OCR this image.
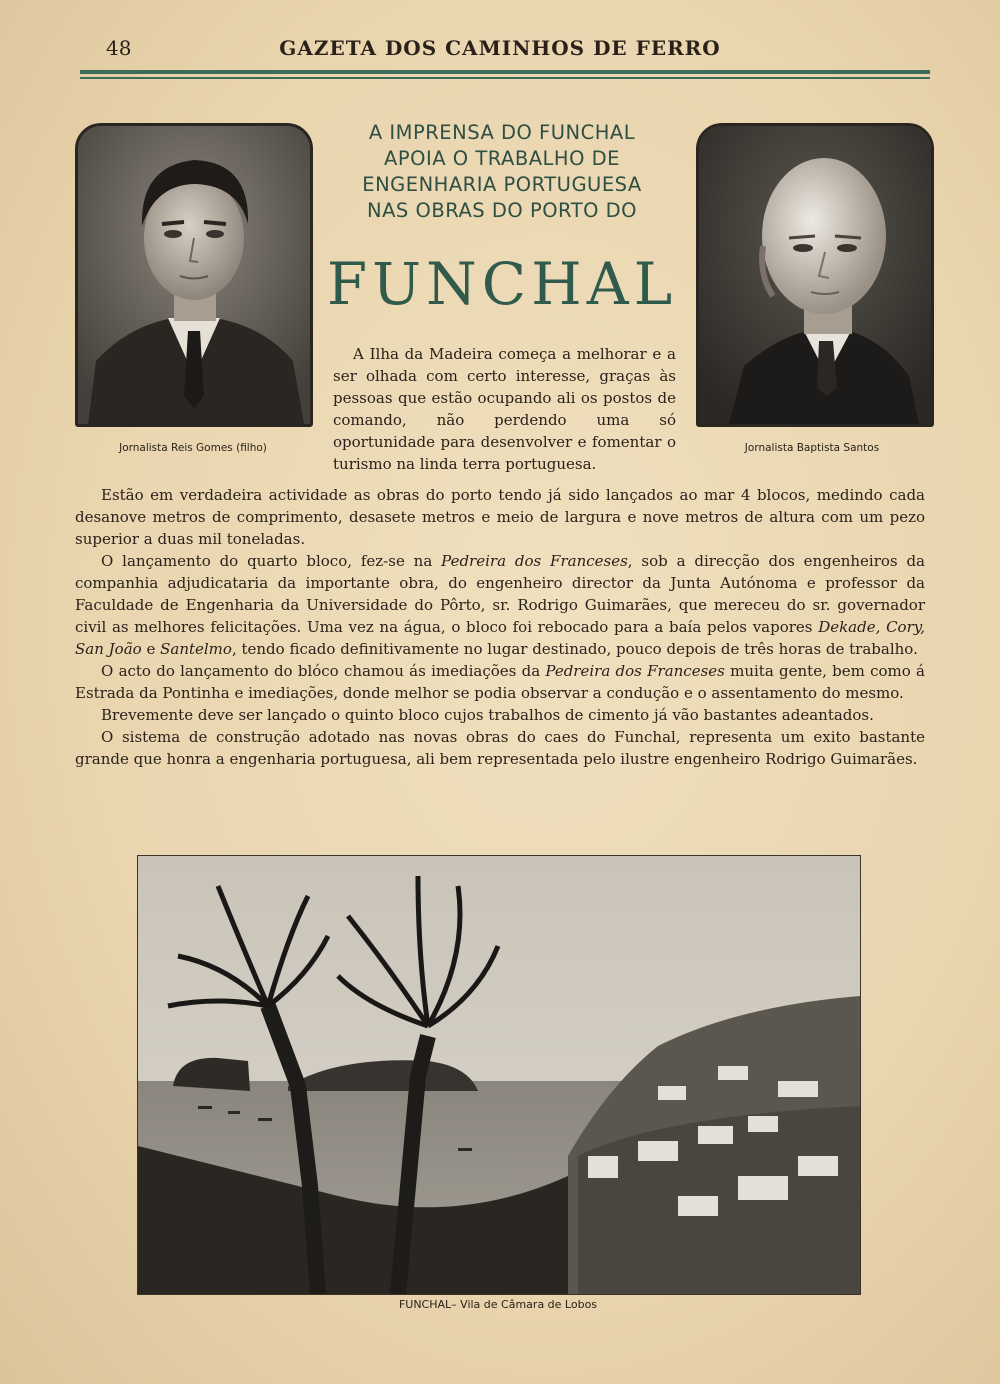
48	GAZETA DOS CAMINHOS DE FERRO
Jornalista Reis Gomes (filho)	Jornalista Baptista Santos
A IMPRENSA DO FUNCHAL
APOIA O TRABALHO DE
ENGENHARIA PORTUGUESA
NAS OBRAS DO PORTO DO
FUNCHAL
A Ilha da Madeira começa a melhorar e a ser olhada com certo interesse, graças às pessoas que estão ocupando ali os postos de comando, não perdendo uma só oportunidade para desenvolver e fomentar o turismo na linda terra portuguesa.

Estão em verdadeira actividade as obras do porto tendo já sido lançados ao mar 4 blocos, medindo cada desanove metros de comprimento, desasete metros e meio de largura e nove metros de altura com um pezo superior a duas mil toneladas.

O lançamento do quarto bloco, fez-se na Pedreira dos Franceses, sob a direcção dos engenheiros da companhia adjudicataria da importante obra, do engenheiro director da Junta Autónoma e professor da Faculdade de Engenharia da Universidade do Pôrto, sr. Rodrigo Guimarães, que mereceu do sr. governador civil as melhores felicitações. Uma vez na água, o bloco foi rebocado para a baía pelos vapores Dekade, Cory, San João e Santelmo, tendo ficado definitivamente no lugar destinado, pouco depois de três horas de trabalho.

O acto do lançamento do blóco chamou ás imediações da Pedreira dos Franceses muita gente, bem como á Estrada da Pontinha e imediações, donde melhor se podia observar a condução e o assentamento do mesmo.

Brevemente deve ser lançado o quinto bloco cujos trabalhos de cimento já vão bastantes adeantados.

O sistema de construção adotado nas novas obras do caes do Funchal, representa um exito bastante grande que honra a engenharia portuguesa, ali bem representada pelo ilustre engenheiro Rodrigo Guimarães.

FUNCHAL– Vila de Câmara de Lobos
